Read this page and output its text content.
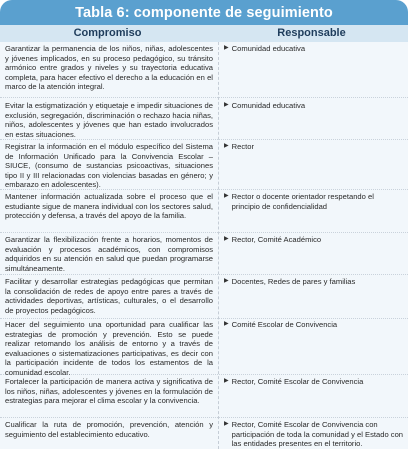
Tabla 6: componente de seguimiento
Compromiso	Responsable
Garantizar la permanencia de los niños, niñas, adolescentes y jóvenes implicados, en su proceso pedagógico, su tránsito armónico entre grados y niveles y su trayectoria educativa completa, para hacer efectivo el derecho a la educación en el marco de la atención integral.
▶ Comunidad educativa
Evitar la estigmatización y etiquetaje e impedir situaciones de exclusión, segregación, discriminación o rechazo hacia niñas, niños, adolescentes y jóvenes que han estado involucrados en estas situaciones.
▶ Comunidad educativa
Registrar la información en el módulo específico del Sistema de Información Unificado para la Convivencia Escolar –SIUCE, (consumo de sustancias psicoactivas, situaciones tipo II y III relacionadas con violencias basadas en género; y embarazo en adolescentes).
▶ Rector
Mantener información actualizada sobre el proceso que el estudiante sigue de manera individual con los sectores salud, protección y defensa, a través del apoyo de la familia.
▶ Rector o docente orientador respetando el principio de confidencialidad
Garantizar la flexibilización frente a horarios, momentos de evaluación y procesos académicos, con compromisos adquiridos en su atención en salud que puedan programarse simultáneamente.
▶ Rector, Comité Académico
Facilitar y desarrollar estrategias pedagógicas que permitan la consolidación de redes de apoyo entre pares a través de actividades deportivas, artísticas, culturales, o el desarrollo de proyectos pedagógicos.
▶ Docentes, Redes de pares y familias
Hacer del seguimiento una oportunidad para cualificar las estrategias de promoción y prevención. Esto se puede realizar retomando los análisis de entorno y a través de evaluaciones o sistematizaciones participativas, es decir con la participación incidente de todos los estamentos de la comunidad escolar.
▶ Comité Escolar de Convivencia
Fortalecer la participación de manera activa y significativa de los niños, niñas, adolescentes y jóvenes en la formulación de estrategias para mejorar el clima escolar y la convivencia.
▶ Rector, Comité Escolar de Convivencia
Cualificar la ruta de promoción, prevención, atención y seguimiento del establecimiento educativo.
▶ Rector, Comité Escolar de Convivencia con participación de toda la comunidad y el Estado con las entidades presentes en el territorio.
